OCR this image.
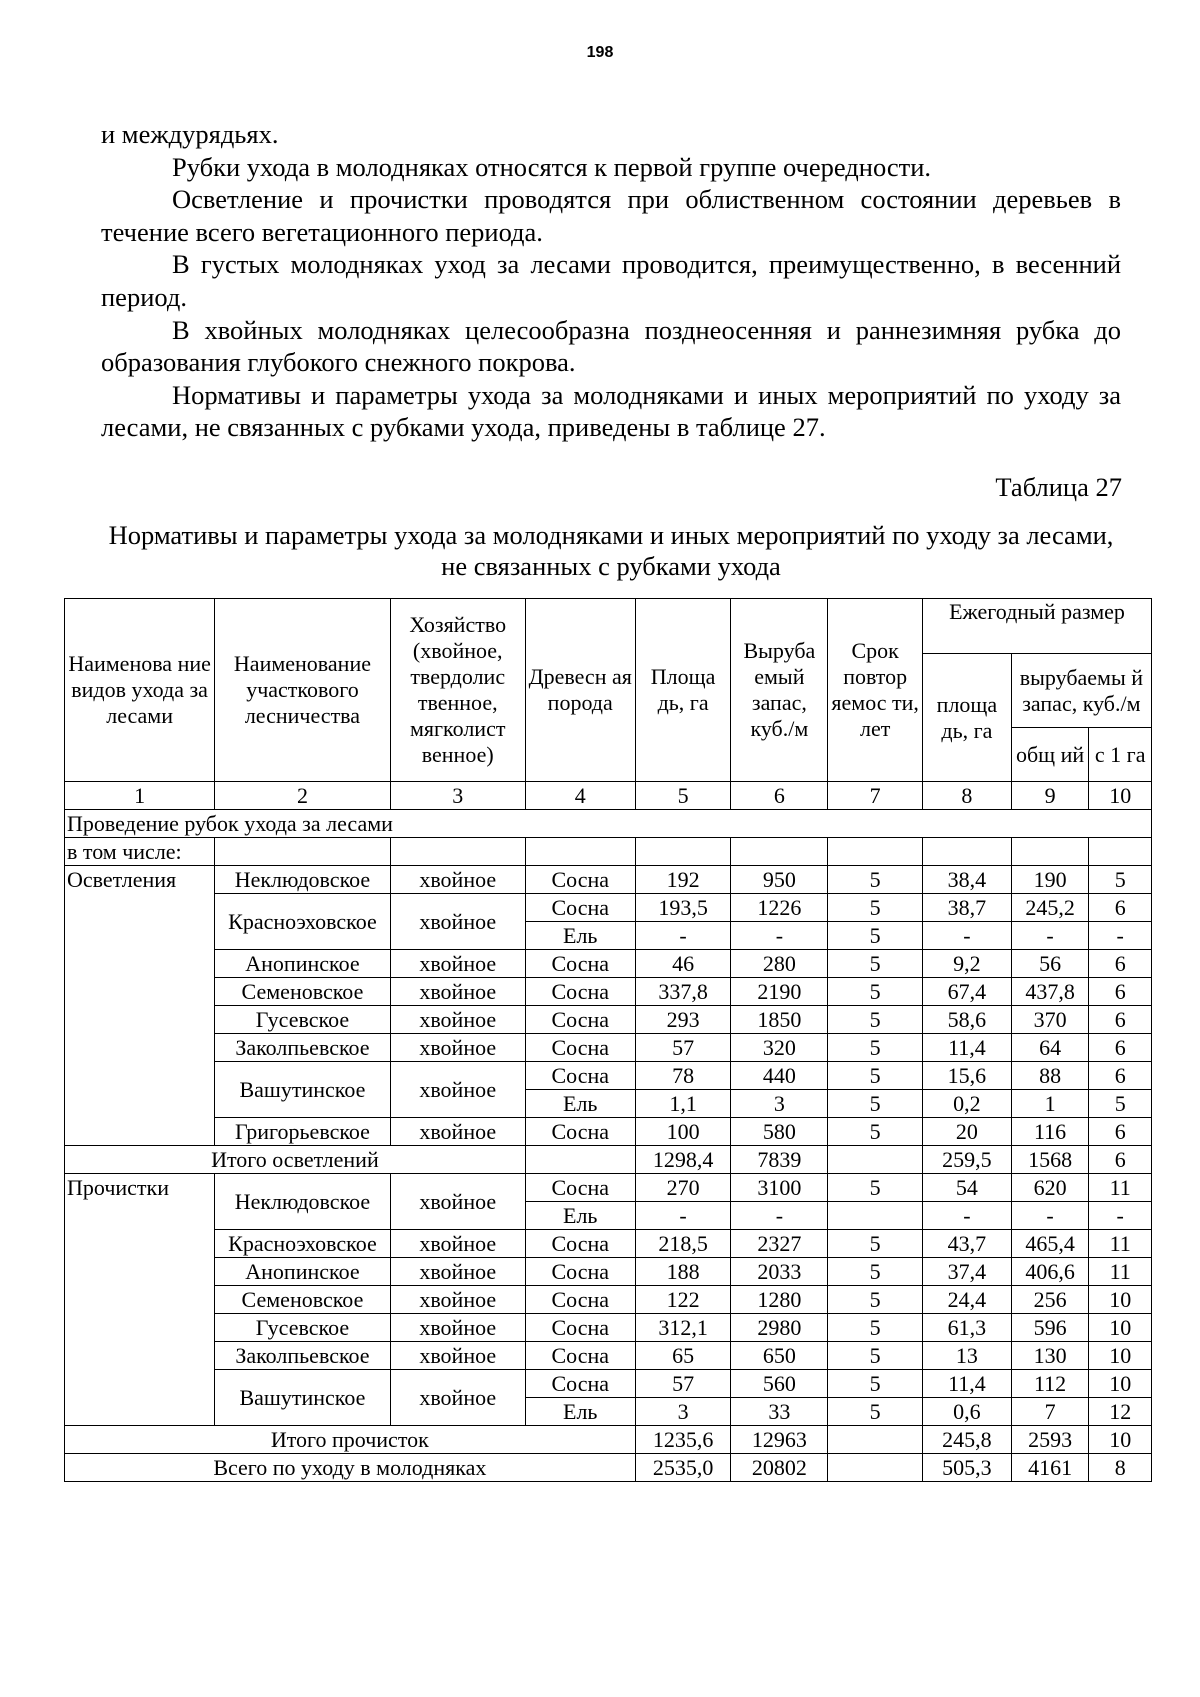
198

и междурядьях.

Рубки ухода в молодняках относятся к первой группе очередности.

Осветление и прочистки проводятся при облиственном состоянии деревьев в течение всего вегетационного периода.

В густых молодняках уход за лесами проводится, преимущественно, в весенний период.

В хвойных молодняках целесообразна позднеосенняя и раннезимняя рубка до образования глубокого снежного покрова.

Нормативы и параметры ухода за молодняками и иных мероприятий по уходу за лесами, не связанных с рубками ухода, приведены в таблице 27.

Таблица 27
Нормативы и параметры ухода за молодняками и иных мероприятий по уходу за лесами, не связанных с рубками ухода
Наименова ние видов ухода за лесами	Наименование участкового лесничества	Хозяйство (хвойное, твердолис твенное, мягколист венное)	Древесн ая порода	Площа дь, га	Выруба емый запас, куб./м	Срок повтор яемос ти, лет	Ежегодный размер		
							площа дь, га	вырубаемы й запас, куб./м	
								общ ий	с 1 га

1	2	3	4	5	6	7	8	9	10
Проведение рубок ухода за лесами									
в том числе:									
Осветления	Неклюдовское	хвойное	Сосна	192	950	5	38,4	190	5
	Красноэховское	хвойное	Сосна	193,5	1226	5	38,7	245,2	6
			Ель	-	-	5	-	-	-
	Анопинское	хвойное	Сосна	46	280	5	9,2	56	6
	Семеновское	хвойное	Сосна	337,8	2190	5	67,4	437,8	6
	Гусевское	хвойное	Сосна	293	1850	5	58,6	370	6
	Заколпьевское	хвойное	Сосна	57	320	5	11,4	64	6
	Вашутинское	хвойное	Сосна	78	440	5	15,6	88	6
			Ель	1,1	3	5	0,2	1	5
	Григорьевское	хвойное	Сосна	100	580	5	20	116	6
Итого осветлений				1298,4	7839		259,5	1568	6
Прочистки	Неклюдовское	хвойное	Сосна	270	3100	5	54	620	11
			Ель	-	-		-	-	-
	Красноэховское	хвойное	Сосна	218,5	2327	5	43,7	465,4	11
	Анопинское	хвойное	Сосна	188	2033	5	37,4	406,6	11
	Семеновское	хвойное	Сосна	122	1280	5	24,4	256	10
	Гусевское	хвойное	Сосна	312,1	2980	5	61,3	596	10
	Заколпьевское	хвойное	Сосна	65	650	5	13	130	10
	Вашутинское	хвойное	Сосна	57	560	5	11,4	112	10
			Ель	3	33	5	0,6	7	12
Итого прочисток				1235,6	12963		245,8	2593	10
Всего по уходу в молодняках				2535,0	20802		505,3	4161	8
